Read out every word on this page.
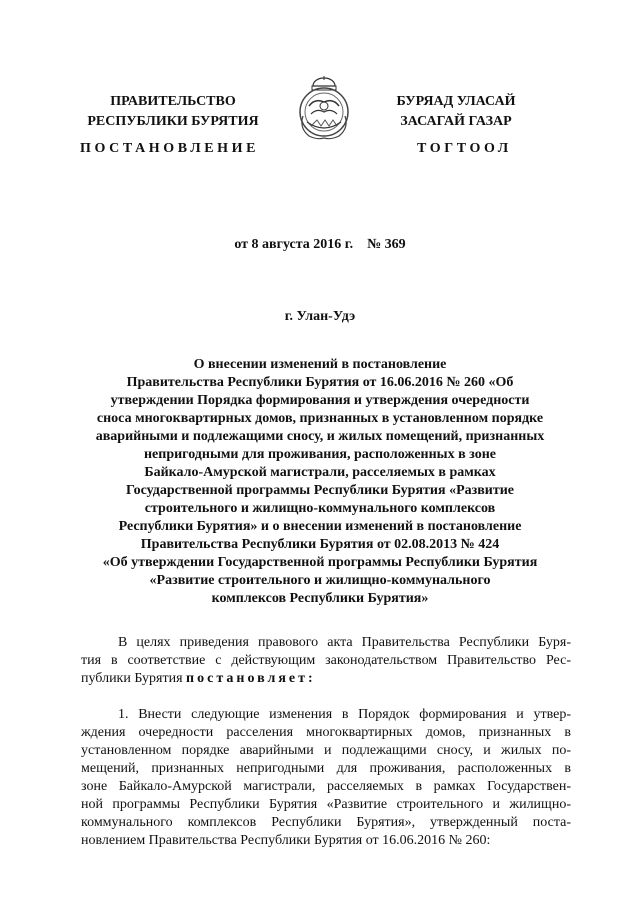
ПРАВИТЕЛЬСТВО
РЕСПУБЛИКИ БУРЯТИЯ
БУРЯАД УЛАСАЙ
ЗАСАГАЙ ГАЗАР
ПОСТАНОВЛЕНИЕ	ТОГТООЛ
от 8 августа 2016 г.    № 369
г. Улан-Удэ
О внесении изменений в постановление
Правительства Республики Бурятия от 16.06.2016 № 260 «Об
утверждении Порядка формирования и утверждения очередности
сноса многоквартирных домов, признанных в установленном порядке
аварийными и подлежащими сносу, и жилых помещений, признанных
непригодными для проживания, расположенных в зоне
Байкало-Амурской магистрали, расселяемых в рамках
Государственной программы Республики Бурятия «Развитие
строительного и жилищно-коммунального комплексов
Республики Бурятия» и о внесении изменений в постановление
Правительства Республики Бурятия от 02.08.2013 № 424
«Об утверждении Государственной программы Республики Бурятия
«Развитие строительного и жилищно-коммунального
комплексов Республики Бурятия»
В целях приведения правового акта Правительства Республики Буря-
тия в соответствие с действующим законодательством Правительство Рес-
публики Бурятия постановляет:
1. Внести следующие изменения в Порядок формирования и утвер-
ждения очередности расселения многоквартирных домов, признанных в
установленном порядке аварийными и подлежащими сносу, и жилых по-
мещений, признанных непригодными для проживания, расположенных в
зоне Байкало-Амурской магистрали, расселяемых в рамках Государствен-
ной программы Республики Бурятия «Развитие строительного и жилищно-
коммунального комплексов Республики Бурятия», утвержденный поста-
новлением Правительства Республики Бурятия от 16.06.2016 № 260:
